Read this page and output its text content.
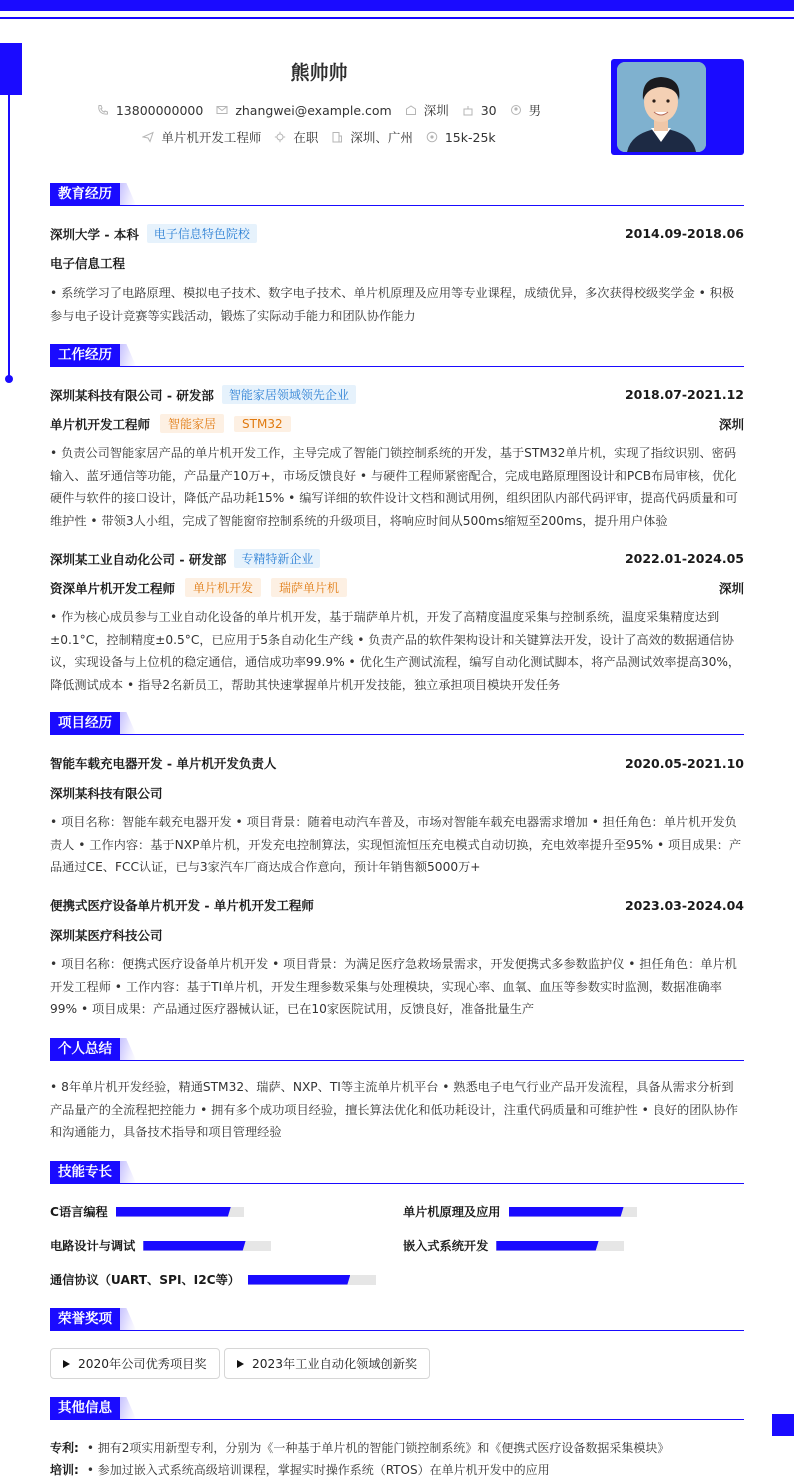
熊帅帅
13800000000	zhangwei@example.com	深圳	30	男
单片机开发工程师	在职	深圳、广州	15k-25k
教育经历
深圳大学 - 本科	电子信息特色院校	2014.09-2018.06
电子信息工程
• 系统学习了电路原理、模拟电子技术、数字电子技术、单片机原理及应用等专业课程，成绩优异，多次获得校级奖学金 • 积极参与电子设计竞赛等实践活动，锻炼了实际动手能力和团队协作能力
工作经历
深圳某科技有限公司 - 研发部	智能家居领域领先企业	2018.07-2021.12
单片机开发工程师	智能家居	STM32	深圳
• 负责公司智能家居产品的单片机开发工作，主导完成了智能门锁控制系统的开发，基于STM32单片机，实现了指纹识别、密码输入、蓝牙通信等功能，产品量产10万+，市场反馈良好 • 与硬件工程师紧密配合，完成电路原理图设计和PCB布局审核，优化硬件与软件的接口设计，降低产品功耗15% • 编写详细的软件设计文档和测试用例，组织团队内部代码评审，提高代码质量和可维护性 • 带领3人小组，完成了智能窗帘控制系统的升级项目，将响应时间从500ms缩短至200ms，提升用户体验
深圳某工业自动化公司 - 研发部	专精特新企业	2022.01-2024.05
资深单片机开发工程师	单片机开发	瑞萨单片机	深圳
• 作为核心成员参与工业自动化设备的单片机开发，基于瑞萨单片机，开发了高精度温度采集与控制系统，温度采集精度达到±0.1°C，控制精度±0.5°C，已应用于5条自动化生产线 • 负责产品的软件架构设计和关键算法开发，设计了高效的数据通信协议，实现设备与上位机的稳定通信，通信成功率99.9% • 优化生产测试流程，编写自动化测试脚本，将产品测试效率提高30%，降低测试成本 • 指导2名新员工，帮助其快速掌握单片机开发技能，独立承担项目模块开发任务
项目经历
智能车载充电器开发 - 单片机开发负责人	2020.05-2021.10
深圳某科技有限公司
• 项目名称：智能车载充电器开发 • 项目背景：随着电动汽车普及，市场对智能车载充电器需求增加 • 担任角色：单片机开发负责人 • 工作内容：基于NXP单片机，开发充电控制算法，实现恒流恒压充电模式自动切换，充电效率提升至95% • 项目成果：产品通过CE、FCC认证，已与3家汽车厂商达成合作意向，预计年销售额5000万+
便携式医疗设备单片机开发 - 单片机开发工程师	2023.03-2024.04
深圳某医疗科技公司
• 项目名称：便携式医疗设备单片机开发 • 项目背景：为满足医疗急救场景需求，开发便携式多参数监护仪 • 担任角色：单片机开发工程师 • 工作内容：基于TI单片机，开发生理参数采集与处理模块，实现心率、血氧、血压等参数实时监测，数据准确率99% • 项目成果：产品通过医疗器械认证，已在10家医院试用，反馈良好，准备批量生产
个人总结
• 8年单片机开发经验，精通STM32、瑞萨、NXP、TI等主流单片机平台 • 熟悉电子电气行业产品开发流程，具备从需求分析到产品量产的全流程把控能力 • 拥有多个成功项目经验，擅长算法优化和低功耗设计，注重代码质量和可维护性 • 良好的团队协作和沟通能力，具备技术指导和项目管理经验
技能专长
C语言编程	单片机原理及应用
电路设计与调试	嵌入式系统开发
通信协议（UART、SPI、I2C等）
荣誉奖项
2020年公司优秀项目奖	2023年工业自动化领域创新奖
其他信息
专利: • 拥有2项实用新型专利，分别为《一种基于单片机的智能门锁控制系统》和《便携式医疗设备数据采集模块》
培训: • 参加过嵌入式系统高级培训课程，掌握实时操作系统（RTOS）在单片机开发中的应用
